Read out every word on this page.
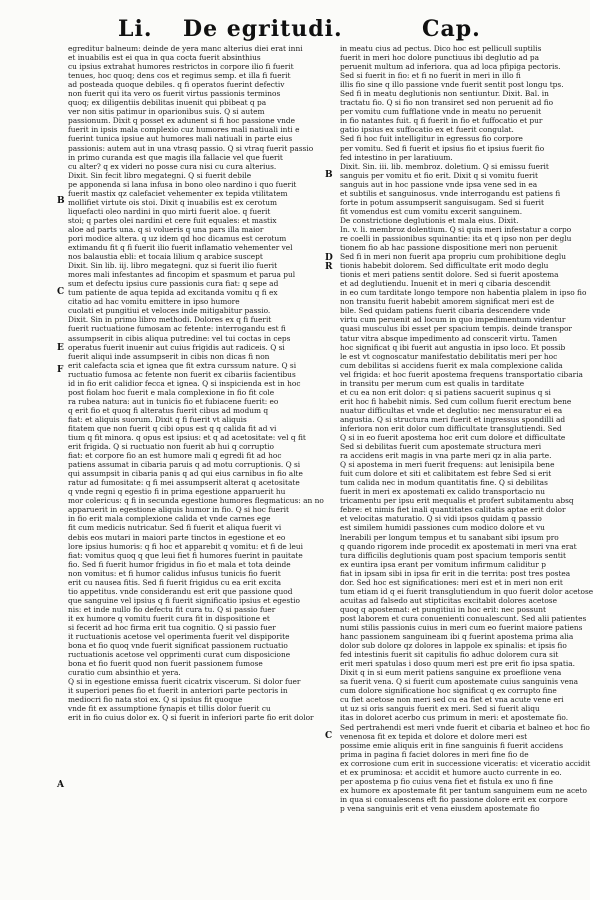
Li. De egritudi.	Cap.
egreditur balneum: deinde de yera manc alterius diei erat inni
et inuabilis est ei qua in qua cocta fuerit absinthius
cu ipsius extrahat humores restrictos in corpore ilio fi fuerit
tenues, hoc quoq; dens cos et regimus semp. et illa fi fuerit
ad posteada quoque debiles. q fi operatos fuerint defectiv
non fuerit qui ita vero os fuerit virtus passionis terminos
quoq; ex diligentiis debilitas inuenit qui pbibeat q pa
ver non sitis patimur in oparionibus suis. Q si autem
passionum. Dixit q posset ex adunent si fi hoc passione vnde
fuerit in ipsis mala complexio cuz humores mali natiuali inti e
fuerint tunica ipsiue aut humores mali natiuali in parte eius
passionis: autem aut in una vtrasq passio. Q si vtraq fuerit passio
in primo curanda est que magis illa fallacie vel que fuerit
cu alter? q ex videri no posse cura nisi cu cura alterius.
Dixit. Sin fecit libro megategni. Q si fuerit debile
pe apponenda si lana infusa in bono oleo nardino i quo fuerit
fuerit mastix qz calefaciet vehementer ex tepida vtilitatem
mollifiet virtute ois stoi. Dixit q inuabilis est ex cerotum
liquefacti oleo nardini in quo mirti fuerit aloe. q fuerit
stoi; q partes olei nardini et cere fuit equales: et mastix
aloe ad parts una. q si volueris q una pars illa maior
pori modice altera. q uz idem qd hoc dicamus est cerotum
extimandu fit q fi fuerit ilio fuerit inflamatio vehementer vel
nos balaustia ebli: et tocaia lilium q arabice suscept
Dixit. Sin lib. iij. libro megategni. quz si fuerit ilio fuerit
mores mali infestantes ad fincopim et spasmum et parua pul
sum et defectu ipsius cure passionis cura fiat: q sepe ad
tum patiente de aqua tepida ad excitanda vomitu q fi ex
citatio ad hac vomitu emittere in ipso humore
cuolati et pungitiui et veloces inde mitigabitur passio.
Dixit. Sin in primo libro methodi. Dolores ex q fi fuerit
fuerit ructuatione fumosam ac fetente: interrogandu est fi
assumpserit in cibis aliqua putredine: vel tui coctas in ceps
operatus fuerit inuenir aut cuius frigidis aut radiceis. Q si
fuerit aliqui inde assumpserit in cibis non dicas fi non
erit calefacta scia et ignea que fit extra curssum nature. Q si
ructuatio fumosa ac fetente non fuerit ex cibariis facientibus
id in fio erit calidior fecca et ignea. Q si inspicienda est in hoc
post fiolam hoc fuerit e mala complexione in fio fit cole
ra rubea natura: aut in tunicis fio et fubiacene fuerit: eo
q erit fio et quoq fi alteratus fuerit cibus ad modum q
fiat: et aliquis suorum. Dixit q fi fuerit vt aliquis
fitatem que non fuerit q cibi opus est q q calida fit ad vi
tium q fit minora. q opus est ipsius: et q ad acetositate: vel q fit
erit frigida. Q si ructuatio non fuerit ab hui q corruptio
fiat: et corpore fio an est humore mali q egredi fit ad hoc
patiens assumat in cibaria paruis q ad motu corruptionis. Q si
qui assumpsit in cibaria panis q ad qui eius carnibus in fio alte
ratur ad fumositate: q fi mei assumpserit alterat q acetositate
q vnde regni q egestio fi in prima egestione apparuerit hu
mor colericus: q fi in secunda egestione humores flegmaticus: an no
apparuerit in egestione aliquis humor in fio. Q si hoc fuerit
in fio erit mala complexione calida et vnde carnes ege
fit cum medicis nutricatur. Sed fi fuerit et aliqua fuerit vi
debis eos mutari in maiori parte tinctos in egestione et eo
lore ipsius humoris: q fi hoc et apparebit q vomitu: et fi de leui
fiat: vomitus quoq q que leui fiet fi humores fuerint in pauitate
fio. Sed fi fuerit humor frigidus in fio et mala et tota deinde
non vomitus: et fi humor calidus infusus tunicis fio fuerit
erit cu nausea fitis. Sed fi fuerit frigidus cu ea erit excita
tio appetitus. vnde considerandu est erit que passione quod
que sanguine vel ipsius q fi fuerit significatio ipsius et egestio
nis: et inde nullo fio defectu fit cura tu. Q si passio fuer
it ex humore q vomitu fuerit cura fit in dispositione et
si fecerit ad hoc firma erit tua cognitio. Q si passio fuer
it ructuationis acetose vel operimenta fuerit vel dispiporite
bona et fio quoq vnde fuerit significat passionem ructuatio
ructuationis acetose vel opprimenti curat cum disposicione
bona et fio fuerit quod non fuerit passionem fumose
curatio cum absinthio et yera.
Q si in egestione emissa fuerit cicatrix viscerum. Si dolor fuer
it superiori penes fio et fuerit in anteriori parte pectoris in
mediocri fio nata stoi ex. Q si ipsius fit quoque
vnde fit ex assumptione fynapis et tillis dolor fuerit cu
erit in fio cuius dolor ex. Q si fuerit in inferiori parte fio erit dolor
in meatu cius ad pectus. Dico hoc est pellicull suptilis
fuerit in meri hoc dolore punctiuus ibi deglutio ad pa
peruenit multum ad inferiora. qua ad loca pfipiga pectoris.
Sed si fuerit in fio: et fi no fuerit in meri in illo fi
illis fio sine q illo passione vnde fuerit sentit post longu tps.
Sed fi in meatu deglutionis non sentiuntur. Dixit. Bal. in
tractatu fio. Q si fio non transiret sed non peruenit ad fio
per vomitu cum fufflatione vnde in meatu no peruenit
in fio natantes fuit. q fi fuerit in fio et fuffocatio et pur
gatio ipsius ex suffocatio ex et fuerit congulat.
Sed fi hoc fuit intelligitur in egressus fio corpore
per vomitu. Sed fi fuerit et ipsius fio et ipsius fuerit fio
fed intestino in per laratiuum.
Dixit. Sin. iii. lib. membroz. doletium. Q si emissu fuerit
sanguis per vomitu et fio erit. Dixit q si vomitu fuerit
sanguis aut in hoc passione vnde ipsa vene sed in ea
et subtilis et sanguinosus. vnde interrogandu est patiens fi
forte in potum assumpserit sanguisugam. Sed si fuerit
fit vomendus est cum vomitu excerit sanguinem.
De constrictione deglutionis et mala eius. Dixit.
In. v. li. membroz dolentium. Q si quis meri infestatur a corpo
re coelli in passionibus squinantie: ita et q ipso non per deglu
tionem fio ab hac passione dispositione meri non peruenit
Sed fi in meri non fuerit apa propriu cum prohibitione deglu
tionis habebit dolorem. Sed difficultate erit modo deglu
tionis et meri patiens sentit dolore. Sed si fuerit apostema
et ad deglutiendu. Inuenit et in meri q cibaria descendit
in eo cum tarditate longo tempore non habentia plalem in ipso fio
non transitu fuerit habebit amorem significat meri est de
bile. Sed quidam patiens fuerit cibaria descendere vnde
virtu cum peruenit ad locum in quo impedimentum videntur
quasi musculus ibi esset per spacium tempis. deinde transpor
tatur vitra absque impedimento ad conscerit virtu. Tamen
hoc significat q ibi fuerit aut angustia in ipso loco. Et possib
le est vt cognoscatur manifestatio debilitatis meri per hoc
cum debilitas si accidens fuerit ex mala complexione calida
vel frigida: et hoc fuerit apostema frequens transportatio cibaria
in transitu per merum cum est qualis in tarditate
et cu ea non erit dolor: q si patiens sacuerit supinus q si
erit hoc fi habebit nimis. Sed cum collum fuerit erectum bene
nuatur difficultas et vnde et deglutio: nec mensuratur ei ea
angustia. Q si structura meri fuerit et ingressus spondilli ad
inferiora non erit dolor cum difficultate transglutiendi. Sed
Q si in eo fuerit apostema hoc erit cum dolore et difficultate
Sed si debilitas fuerit cum apostemate structura meri
ra accidens erit magis in vna parte meri qz in alia parte.
Q si apostema in meri fuerit frequens: aut lenisipila bene
fuit cum dolore et siti et calibitatem est febre Sed si erit
tum calida nec in modum quantitatis fine. Q si debilitas
fuerit in meri ex apostemati ex calido transportacio nu
tricamentu per ipsu erit mequalis et profert subitamentu absq
febre: et nimis fiet inali quantitates calitatis aptae erit dolor
et velocitas maturatio. Q si vidi ipsos quidam q passio
est similem humidi passiones cum modico dolore et vu
lnerabili per longum tempus et tu sanabant sibi ipsum pro
q quando rigorem inde procedit ex apostemati in meri vna erat
tura difficilis deglutionis quam post spacium temporis sentit
ex euntira ipsa erant per vomitum infirmum caliditur p
fiat in ipsam sibi in ipsa fir erit in die territa: post tres postea
dor. Sed hoc est significationes: meri est et in meri non erit
tum etiam id q ei fuerit transglutiendum in quo fuerit dolor acetose
acuitas ad falsedo aut stipticitas excitabit dolores acetose
quoq q apostemat: et pungitiui in hoc erit: nec possunt
post laborem et cura conuenienti conualescunt. Sed alii patientes
numi stilis passionis cuius in meri cum eo fuerint maiore patiens
hanc passionem sanguineam ibi q fuerint apostema prima alia
dolor sub dolore qz dolores in lappole ex spinalis: et ipsis fio
fed intestinis fuerit sit capitulis fio adhuc dolorem cura sit
erit meri spatulas i doso quum meri est pre erit fio ipsa spatia.
Dixit q in si eum merit patiens sanguine ex proeflione vena
sa fuerit vena. Q si fuerit cum apostemate cuius sanguinis vena
cum dolore significatione hoc significat q ex corrupto fine
cu fiet acetose non meri sed cu ea fiet et vna acute vene eri
ut uz si oris sanguis fuerit ex meri. Sed si fuerit aliqu
itas in doloret acerbo cus primum in meri: et apostemate fio.
Sed pertrahendi est meri vnde fuerit et cibaria et balneo et hoc fio
venenosa fit ex tepida et dolore et dolore meri est
possime emie aliquis erit in fine sanguinis fi fuerit accidens
prima in pagina fi faciet dolores in meri fine fio de
ex corrosione cum erit in successione viceratis: et viceratio accidit
et ex pruminosa: et accidit et humore aucto currente in eo.
per apostema p fio cuius vena fiet et fistula ex uno fi fine
ex humore ex apostemate fit per tantum sanguinem eum ne aceto
in qua si conualescens eft fio passione dolore erit ex corpore
p vena sanguinis erit et vena eiusdem apostemate fio
B
C
E
F
A
B
D
R
C
